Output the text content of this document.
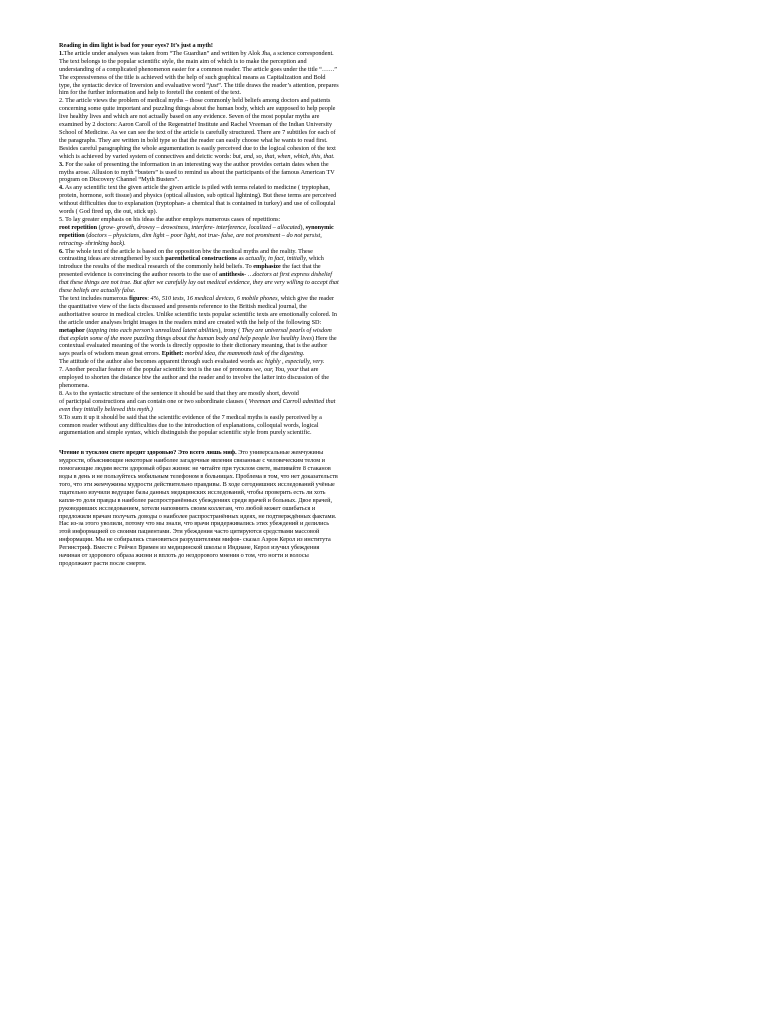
Reading in dim light is bad for your eyes? It’s just a myth!

1.The article under analyses was taken from “The Guardian” and written by Alok Jha, a science correspondent. The text belongs to the popular scientific style, the main aim of which is to make the perception and understanding of a complicated phenomenon easier for a common reader. The article goes under the title “……” The expressiveness of the title is achieved with the help of such graphical means as Capitalization and Bold type, the syntactic device of Inversion and evaluative word “just”. The title draws the reader’s attention, prepares him for the further information and help to foretell the content of the text.

2. The article views the problem of medical myths – those commonly held beliefs among doctors and patients concerning some quite important and puzzling things about the human body, which are supposed to help people live healthy lives and which are not actually based on any evidence. Seven of the most popular myths are examined by 2 doctors: Aaron Caroll of the Regenstrief Institute and Rachel Vreeman of the Indian University School of Medicine. As we can see the text of the article is carefully structured. There are 7 subtitles for each of the paragraphs. They are written in bold type so that the reader can easily choose what he wants to read first. Besides careful paragraphing the whole argumentation is easily perceived due to the logical cohesion of the text which is achieved by varied system of connectives and deictic words: but, and, so, that, when, which, this, that.

3. For the sake of presenting the information in an interesting way the author provides certain dates when the myths arose. Allusion to myth “busters” is used to remind us about the participants of the famous American TV program on Discovery Channel “Myth Busters”.

4. As any scientific text the given article the given article is piled with terms related to medicine ( tryptophan, protein, hormone, soft tissue) and physics (optical allusion, sub optical lightning). But these terms are perceived without difficulties due to explanation (tryptophan- a chemical that is contained in turkey) and use of colloquial words ( God fired up, die out, stick up).

5. To lay greater emphasis on his ideas the author employs numerous cases of repetitions:
root repetition (grow- growth, drowsy – drowsiness, interfere- interference, localized – allocated), synonymic repetition (doctors – physicians, dim light – poor light, not true- false, are not prominent – do not persist, retracing- shrinking back).

6. The whole text of the article is based on the opposition btw the medical myths and the reality. These contrasting ideas are strengthened by such parenthetical constructions as actually, in fact, initially, which introduce the results of the medical research of the commonly held beliefs. To emphasize the fact that the presented evidence is convincing the author resorts to the use of antithesis- …doctors at first express disbelief that these things are not true. But after we carefully lay out medical evidence, they are very willing to accept that these beliefs are actually false.

The text includes numerous figures: 4%, 510 tests, 16 medical devices, 6 mobile phones, which give the reader the quantitative view of the facts discussed and presents reference to the British medical journal, the authoritative source in medical circles. Unlike scientific texts popular scientific texts are emotionally colored. In the article under analyses bright images in the readers mind are created with the help of the following SD: metaphor (tapping into each person’s unrealized latent abilities), irony ( They are universal pearls of wisdom that explain some of the more puzzling things about the human body and help people live healthy lives) Here the contextual evaluated meaning of the words is directly opposite to their dictionary meaning, that is the author says pearls of wisdom mean great errors. Epithet: morbid idea, the mammoth task of the digesting.

The attitude of the author also becomes apparent through such evaluated words as: highly , especially, very.

7. Another peculiar feature of the popular scientific text is the use of pronouns we, our, You, your that are employed to shorten the distance btw the author and the reader and to involve the latter into discussion of the phenomena.

8. As to the syntactic structure of the sentence it should be said that they are mostly short, devoid

of participial constructions and can contain one or two subordinate clauses ( Vreeman and Carroll admitted that even they initially believed this myth.)

9.To sum it up it should be said that the scientific evidence of the 7 medical myths is easily perceived by a common reader without any difficulties due to the introduction of explanations, colloquial words, logical argumentation and simple syntax, which distinguish the popular scientific style from purely scientific.

Чтение в тусклом свете вредит здоровью? Это всего лишь миф. Это универсальные жемчужины мудрости, объясняющие некоторые наиболее загадочные явления связанные с человеческим телом и помогающие людям вести здоровый образ жизни: не читайте при тусклом свете, выпивайте 8 стаканов воды в день и не пользуйтесь мобильным телефоном в больницах. Проблема в том, что нет доказательств того, что эти жемчужины мудрости действительно правдивы. В ходе сегодняшних исследований учёные тщательно изучили ведущие базы данных медицинских исследований, чтобы проверить есть ли хоть капля-то доля правды в наиболее распространённых убеждениях среди врачей и больных. Двое врачей, руководивших исследованием, хотели напомнить своим коллегам, что любой может ошибаться и предложили врачам получать доводы о наиболее распространённых идеях, не подтверждённых фактами. Нас из-за этого уволили, потому что мы знали, что врачи придерживались этих убеждений и делились этой информацией со своими пациентами. Эти убеждения часто цитируются средствами массовой информации. Мы не собирались становиться разрушителями мифов- сказал Аэрон Керол из института Регинстриф. Вместе с Рейчел Вримен из медицинской школы в Индиане, Керол изучил убеждения начиная от здорового образа жизни и вплоть до нездорового мнения о том, что ногти и волосы продолжают расти после смерти.
